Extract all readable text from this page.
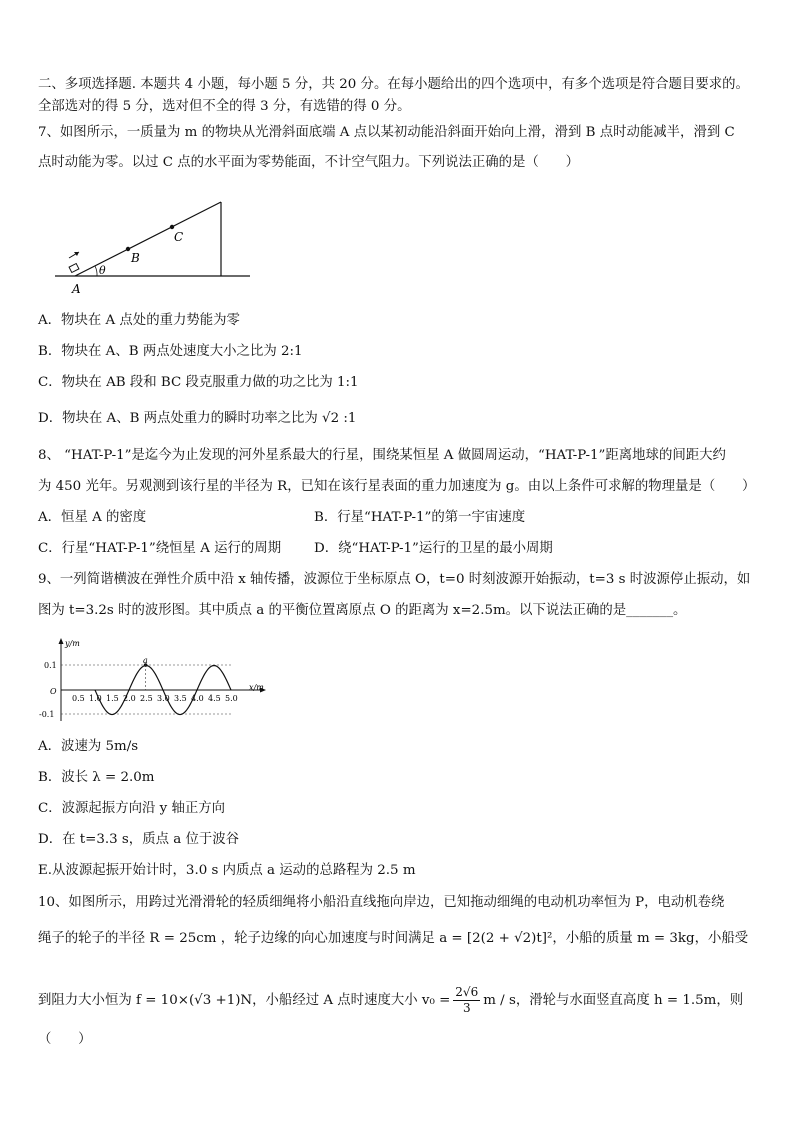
二、多项选择题. 本题共 4 小题，每小题 5 分，共 20 分。在每小题给出的四个选项中，有多个选项是符合题目要求的。
全部选对的得 5 分，选对但不全的得 3 分，有选错的得 0 分。
7、如图所示，一质量为 m 的物块从光滑斜面底端 A 点以某初动能沿斜面开始向上滑，滑到 B 点时动能减半，滑到 C
点时动能为零。以过 C 点的水平面为零势能面，不计空气阻力。下列说法正确的是（　　）
θ
A
B
C
A．物块在 A 点处的重力势能为零
B．物块在 A、B 两点处速度大小之比为 2:1
C．物块在 AB 段和 BC 段克服重力做的功之比为 1:1
D．物块在 A、B 两点处重力的瞬时功率之比为 √2 :1
8、 “HAT-P-1”是迄今为止发现的河外星系最大的行星，围绕某恒星 A 做圆周运动，“HAT-P-1”距离地球的间距大约
为 450 光年。另观测到该行星的半径为 R，已知在该行星表面的重力加速度为 g。由以上条件可求解的物理量是（　　）
A．恒星 A 的密度	B．行星“HAT-P-1”的第一宇宙速度
C．行星“HAT-P-1”绕恒星 A 运行的周期 D．绕“HAT-P-1”运行的卫星的最小周期
9、一列简谐横波在弹性介质中沿 x 轴传播，波源位于坐标原点 O，t=0 时刻波源开始振动，t=3 s 时波源停止振动，如
图为 t=3.2s 时的波形图。其中质点 a 的平衡位置离原点 O 的距离为 x=2.5m。以下说法正确的是_______。
y/m
x/m
0.1
-0.1
O
a
0.5 1.0 1.5 2.0 2.5 3.0 3.5 4.0 4.5 5.0
A．波速为 5m/s
B．波长 λ = 2.0m
C．波源起振方向沿 y 轴正方向
D．在 t=3.3 s，质点 a 位于波谷
E.从波源起振开始计时，3.0 s 内质点 a 运动的总路程为 2.5 m
10、如图所示，用跨过光滑滑轮的轻质细绳将小船沿直线拖向岸边，已知拖动细绳的电动机功率恒为 P，电动机卷绕
绳子的轮子的半径 R = 25cm ，轮子边缘的向心加速度与时间满足 a = [2(2 + √2)t]²，小船的质量 m = 3kg，小船受
到阻力大小恒为 f = 10×(√3 +1)N，小船经过 A 点时速度大小 $v_0 = \frac{2√6}{3}$ m / s，滑轮与水面竖直高度 h = 1.5m，则
（　　）
